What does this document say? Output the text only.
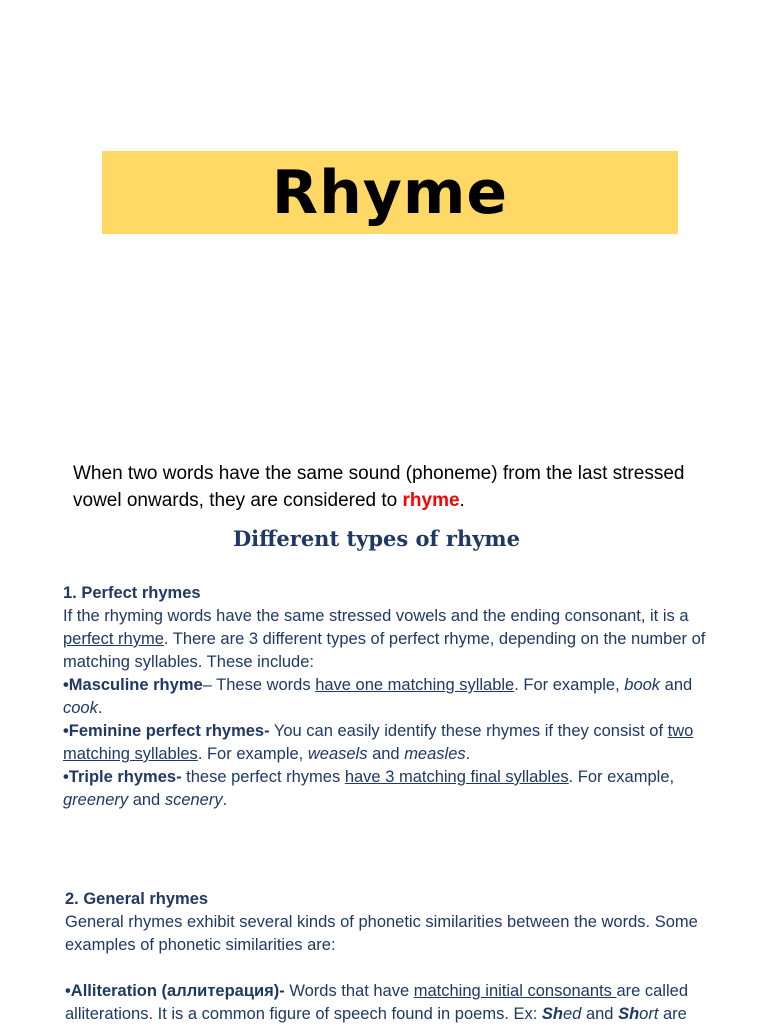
Rhyme
When two words have the same sound (phoneme) from the last stressed vowel onwards, they are considered to rhyme.
Different types of rhyme

1. Perfect rhymes

If the rhyming words have the same stressed vowels and the ending consonant, it is a perfect rhyme. There are 3 different types of perfect rhyme, depending on the number of matching syllables. These include:

•Masculine rhyme– These words have one matching syllable. For example, book and cook.

•Feminine perfect rhymes- You can easily identify these rhymes if they consist of two matching syllables. For example, weasels and measles.

•Triple rhymes- these perfect rhymes have 3 matching final syllables. For example, greenery and scenery.

2. General rhymes

General rhymes exhibit several kinds of phonetic similarities between the words. Some examples of phonetic similarities are:

•Alliteration (аллитерация)- Words that have matching initial consonants are called alliterations. It is a common figure of speech found in poems. Ex: Shed and Short are
